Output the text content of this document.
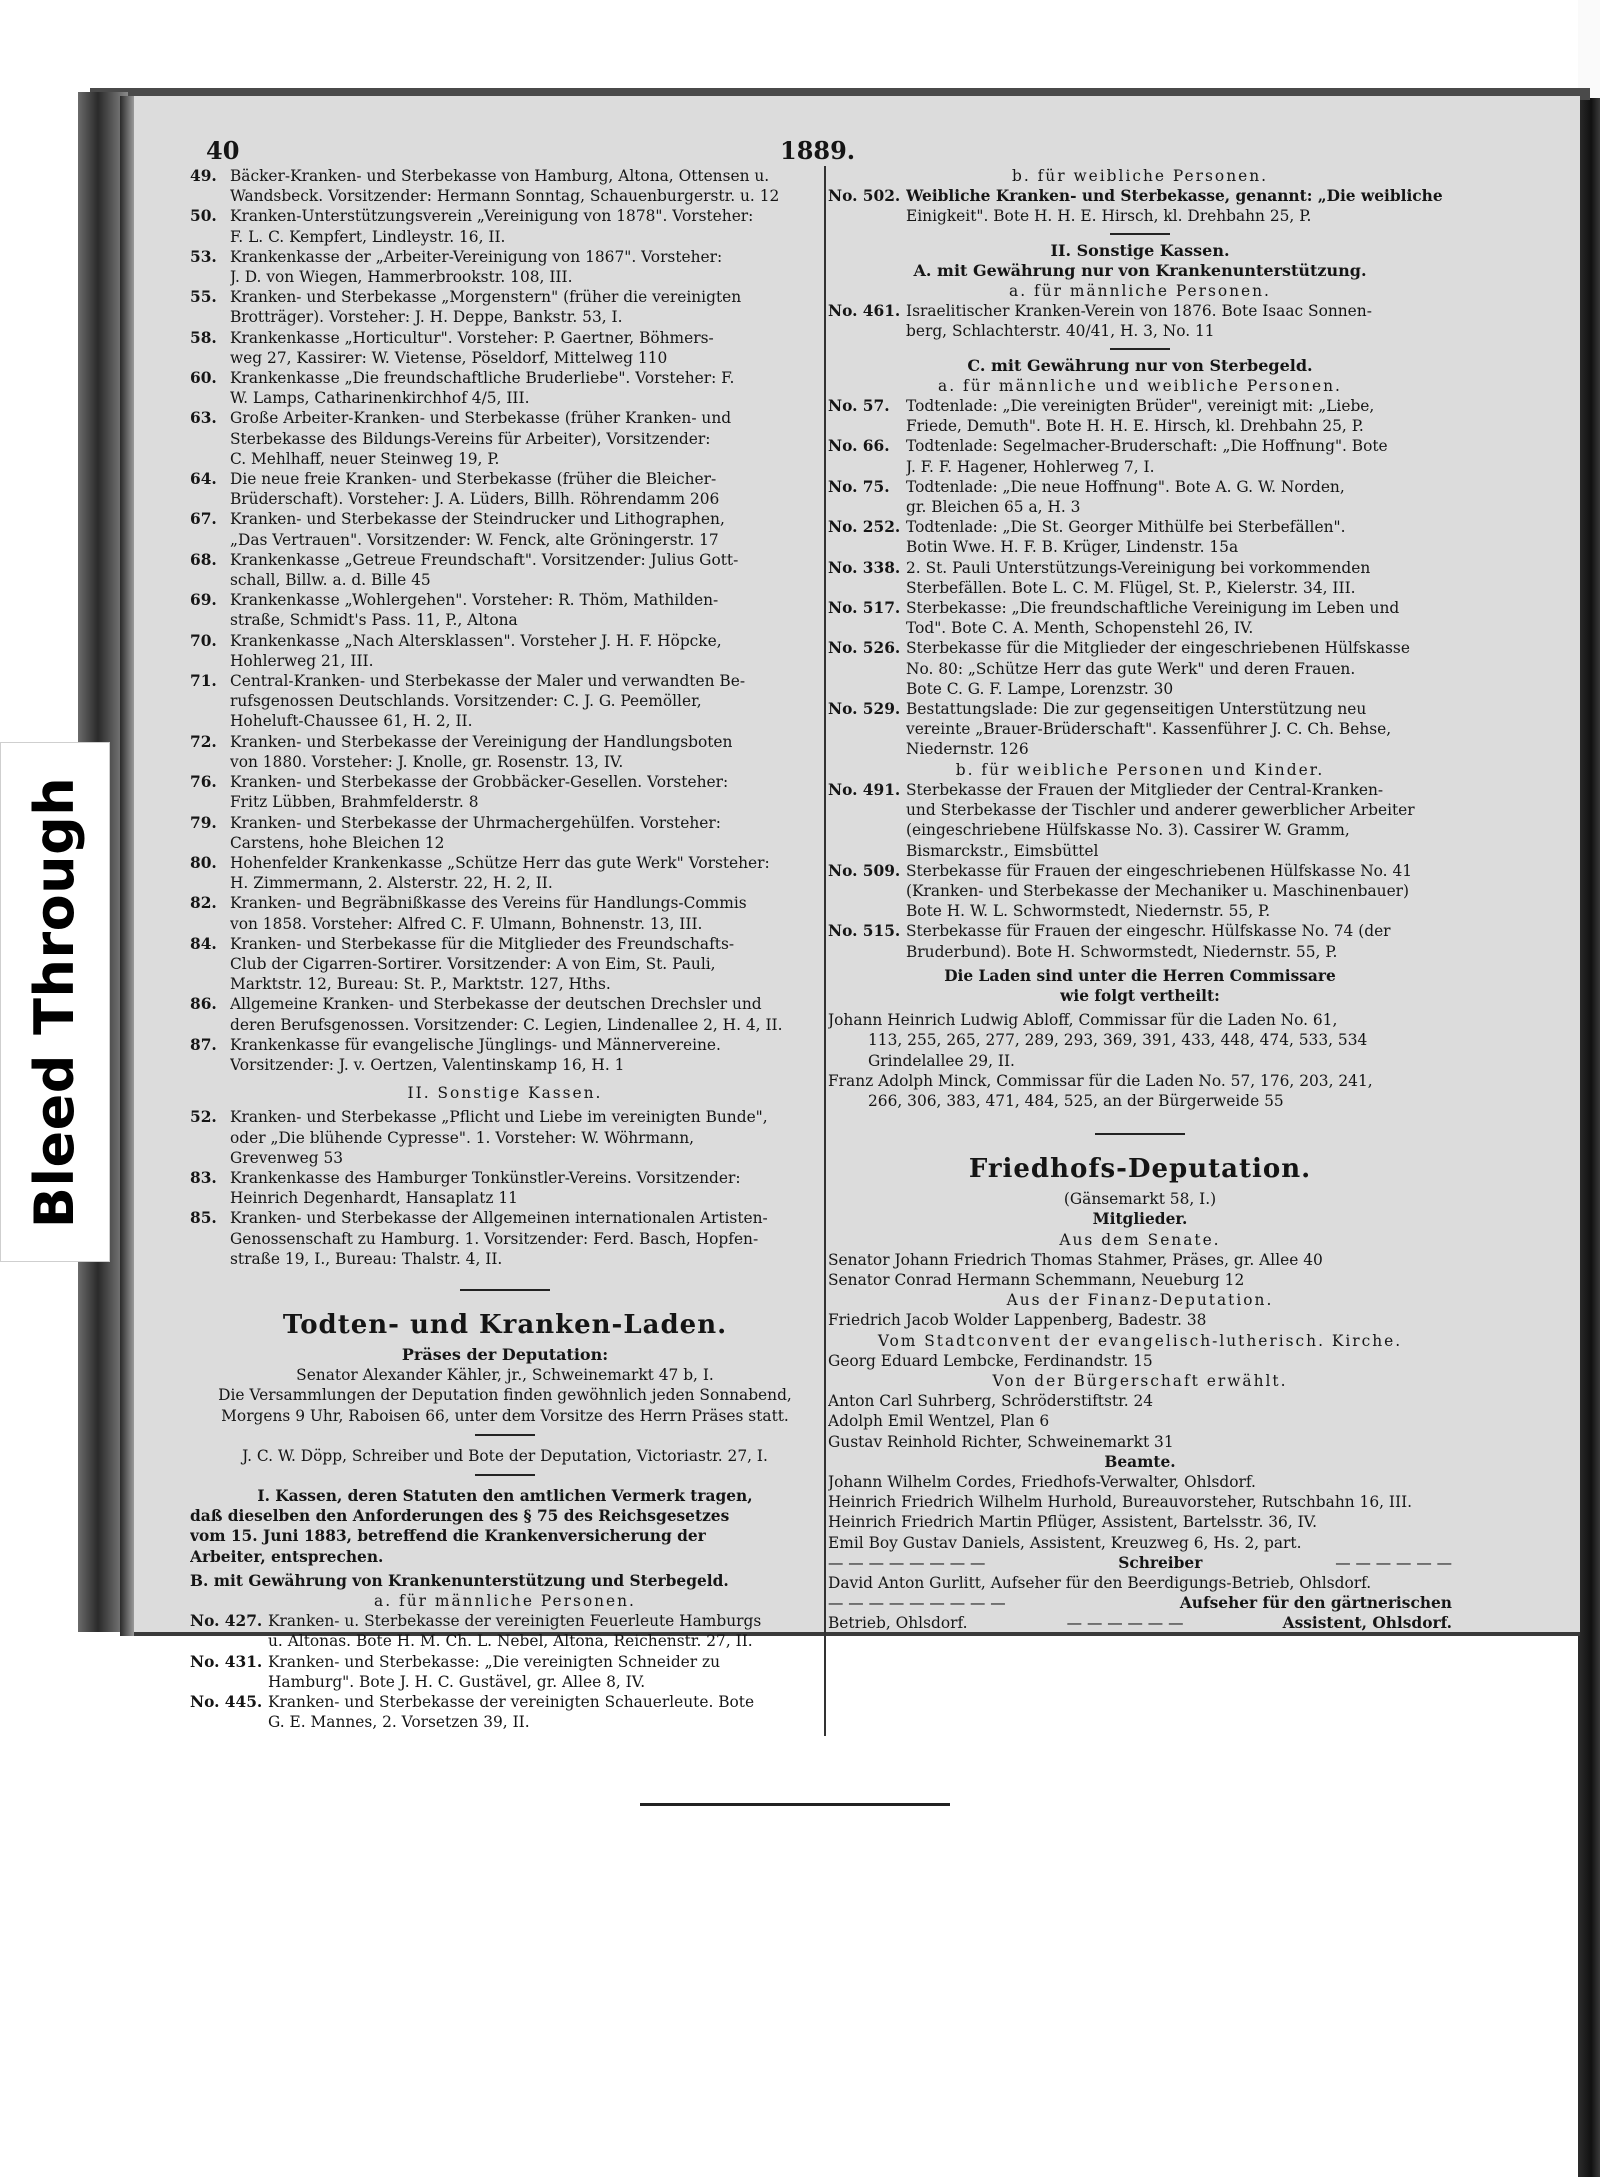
40	1889.
49. Bäcker-Kranken- und Sterbekasse von Hamburg, Altona, Ottensen u.
Wandsbeck. Vorsitzender: Hermann Sonntag, Schauenburgerstr. u. 12
50. Kranken-Unterstützungsverein „Vereinigung von 1878". Vorsteher:
F. L. C. Kempfert, Lindleystr. 16, II.
53. Krankenkasse der „Arbeiter-Vereinigung von 1867". Vorsteher:
J. D. von Wiegen, Hammerbrookstr. 108, III.
55. Kranken- und Sterbekasse „Morgenstern" (früher die vereinigten
Brotträger). Vorsteher: J. H. Deppe, Bankstr. 53, I.
58. Krankenkasse „Horticultur". Vorsteher: P. Gaertner, Böhmers-
weg 27, Kassirer: W. Vietense, Pöseldorf, Mittelweg 110
60. Krankenkasse „Die freundschaftliche Bruderliebe". Vorsteher: F.
W. Lamps, Catharinenkirchhof 4/5, III.
63. Große Arbeiter-Kranken- und Sterbekasse (früher Kranken- und
Sterbekasse des Bildungs-Vereins für Arbeiter), Vorsitzender:
C. Mehlhaff, neuer Steinweg 19, P.
64. Die neue freie Kranken- und Sterbekasse (früher die Bleicher-
Brüderschaft). Vorsteher: J. A. Lüders, Billh. Röhrendamm 206
67. Kranken- und Sterbekasse der Steindrucker und Lithographen,
„Das Vertrauen". Vorsitzender: W. Fenck, alte Gröningerstr. 17
68. Krankenkasse „Getreue Freundschaft". Vorsitzender: Julius Gott-
schall, Billw. a. d. Bille 45
69. Krankenkasse „Wohlergehen". Vorsteher: R. Thöm, Mathilden-
straße, Schmidt's Pass. 11, P., Altona
70. Krankenkasse „Nach Altersklassen". Vorsteher J. H. F. Höpcke,
Hohlerweg 21, III.
71. Central-Kranken- und Sterbekasse der Maler und verwandten Be-
rufsgenossen Deutschlands. Vorsitzender: C. J. G. Peemöller,
Hoheluft-Chaussee 61, H. 2, II.
72. Kranken- und Sterbekasse der Vereinigung der Handlungsboten
von 1880. Vorsteher: J. Knolle, gr. Rosenstr. 13, IV.
76. Kranken- und Sterbekasse der Grobbäcker-Gesellen. Vorsteher:
Fritz Lübben, Brahmfelderstr. 8
79. Kranken- und Sterbekasse der Uhrmachergehülfen. Vorsteher:
Carstens, hohe Bleichen 12
80. Hohenfelder Krankenkasse „Schütze Herr das gute Werk" Vorsteher:
H. Zimmermann, 2. Alsterstr. 22, H. 2, II.
82. Kranken- und Begräbnißkasse des Vereins für Handlungs-Commis
von 1858. Vorsteher: Alfred C. F. Ulmann, Bohnenstr. 13, III.
84. Kranken- und Sterbekasse für die Mitglieder des Freundschafts-
Club der Cigarren-Sortirer. Vorsitzender: A von Eim, St. Pauli,
Marktstr. 12, Bureau: St. P., Marktstr. 127, Hths.
86. Allgemeine Kranken- und Sterbekasse der deutschen Drechsler und
deren Berufsgenossen. Vorsitzender: C. Legien, Lindenallee 2, H. 4, II.
87. Krankenkasse für evangelische Jünglings- und Männervereine.
Vorsitzender: J. v. Oertzen, Valentinskamp 16, H. 1
II. Sonstige Kassen.
52. Kranken- und Sterbekasse „Pflicht und Liebe im vereinigten Bunde",
oder „Die blühende Cypresse". 1. Vorsteher: W. Wöhrmann,
Grevenweg 53
83. Krankenkasse des Hamburger Tonkünstler-Vereins. Vorsitzender:
Heinrich Degenhardt, Hansaplatz 11
85. Kranken- und Sterbekasse der Allgemeinen internationalen Artisten-
Genossenschaft zu Hamburg. 1. Vorsitzender: Ferd. Basch, Hopfen-
straße 19, I., Bureau: Thalstr. 4, II.
Todten- und Kranken-Laden.
Präses der Deputation:
Senator Alexander Kähler, jr., Schweinemarkt 47 b, I.
Die Versammlungen der Deputation finden gewöhnlich jeden Sonnabend,
Morgens 9 Uhr, Raboisen 66, unter dem Vorsitze des Herrn Präses statt.
J. C. W. Döpp, Schreiber und Bote der Deputation, Victoriastr. 27, I.
I. Kassen, deren Statuten den amtlichen Vermerk tragen,
daß dieselben den Anforderungen des § 75 des Reichsgesetzes
vom 15. Juni 1883, betreffend die Krankenversicherung der
Arbeiter, entsprechen.
B. mit Gewährung von Krankenunterstützung und Sterbegeld.
a. für männliche Personen.
No. 427. Kranken- u. Sterbekasse der vereinigten Feuerleute Hamburgs
u. Altonas. Bote H. M. Ch. L. Nebel, Altona, Reichenstr. 27, II.
No. 431. Kranken- und Sterbekasse: „Die vereinigten Schneider zu
Hamburg". Bote J. H. C. Gustävel, gr. Allee 8, IV.
No. 445. Kranken- und Sterbekasse der vereinigten Schauerleute. Bote
G. E. Mannes, 2. Vorsetzen 39, II.
b. für weibliche Personen.
No. 502. Weibliche Kranken- und Sterbekasse, genannt: „Die weibliche
Einigkeit". Bote H. H. E. Hirsch, kl. Drehbahn 25, P.
II. Sonstige Kassen.
A. mit Gewährung nur von Krankenunterstützung.
a. für männliche Personen.
No. 461. Israelitischer Kranken-Verein von 1876. Bote Isaac Sonnen-
berg, Schlachterstr. 40/41, H. 3, No. 11
C. mit Gewährung nur von Sterbegeld.
a. für männliche und weibliche Personen.
No. 57.	Todtenlade: „Die vereinigten Brüder", vereinigt mit: „Liebe,
Friede, Demuth". Bote H. H. E. Hirsch, kl. Drehbahn 25, P.
No. 66.	Todtenlade: Segelmacher-Bruderschaft: „Die Hoffnung". Bote
J. F. F. Hagener, Hohlerweg 7, I.
No. 75.	Todtenlade: „Die neue Hoffnung". Bote A. G. W. Norden,
gr. Bleichen 65 a, H. 3
No. 252. Todtenlade: „Die St. Georger Mithülfe bei Sterbefällen".
Botin Wwe. H. F. B. Krüger, Lindenstr. 15a
No. 338. 2. St. Pauli Unterstützungs-Vereinigung bei vorkommenden
Sterbefällen. Bote L. C. M. Flügel, St. P., Kielerstr. 34, III.
No. 517. Sterbekasse: „Die freundschaftliche Vereinigung im Leben und
Tod". Bote C. A. Menth, Schopenstehl 26, IV.
No. 526. Sterbekasse für die Mitglieder der eingeschriebenen Hülfskasse
No. 80: „Schütze Herr das gute Werk" und deren Frauen.
Bote C. G. F. Lampe, Lorenzstr. 30
No. 529. Bestattungslade: Die zur gegenseitigen Unterstützung neu
vereinte „Brauer-Brüderschaft". Kassenführer J. C. Ch. Behse,
Niedernstr. 126
b. für weibliche Personen und Kinder.
No. 491. Sterbekasse der Frauen der Mitglieder der Central-Kranken-
und Sterbekasse der Tischler und anderer gewerblicher Arbeiter
(eingeschriebene Hülfskasse No. 3). Cassirer W. Gramm,
Bismarckstr., Eimsbüttel
No. 509. Sterbekasse für Frauen der eingeschriebenen Hülfskasse No. 41
(Kranken- und Sterbekasse der Mechaniker u. Maschinenbauer)
Bote H. W. L. Schwormstedt, Niedernstr. 55, P.
No. 515. Sterbekasse für Frauen der eingeschr. Hülfskasse No. 74 (der
Bruderbund). Bote H. Schwormstedt, Niedernstr. 55, P.
Die Laden sind unter die Herren Commissare
wie folgt vertheilt:
Johann Heinrich Ludwig Abloff, Commissar für die Laden No. 61,
113, 255, 265, 277, 289, 293, 369, 391, 433, 448, 474, 533, 534
Grindelallee 29, II.
Franz Adolph Minck, Commissar für die Laden No. 57, 176, 203, 241,
266, 306, 383, 471, 484, 525, an der Bürgerweide 55
Friedhofs-Deputation.
(Gänsemarkt 58, I.)
Mitglieder.
Aus dem Senate.
Senator Johann Friedrich Thomas Stahmer, Präses, gr. Allee 40
Senator Conrad Hermann Schemmann, Neueburg 12
Aus der Finanz-Deputation.
Friedrich Jacob Wolder Lappenberg, Badestr. 38
Vom Stadtconvent der evangelisch-lutherisch. Kirche.
Georg Eduard Lembcke, Ferdinandstr. 15
Von der Bürgerschaft erwählt.
Anton Carl Suhrberg, Schröderstiftstr. 24
Adolph Emil Wentzel, Plan 6
Gustav Reinhold Richter, Schweinemarkt 31
Beamte.
Johann Wilhelm Cordes, Friedhofs-Verwalter, Ohlsdorf.
Heinrich Friedrich Wilhelm Hurhold, Bureauvorsteher, Rutschbahn 16, III.
Heinrich Friedrich Martin Pflüger, Assistent, Bartelsstr. 36, IV.
Emil Boy Gustav Daniels, Assistent, Kreuzweg 6, Hs. 2, part.
— — — — — — — —	Schreiber	— — — — — —
David Anton Gurlitt, Aufseher für den Beerdigungs-Betrieb, Ohlsdorf.
— — — — — — — — —	Aufseher für den gärtnerischen
Betrieb, Ohlsdorf.	— — — — — —	Assistent, Ohlsdorf.
Bleed Through
